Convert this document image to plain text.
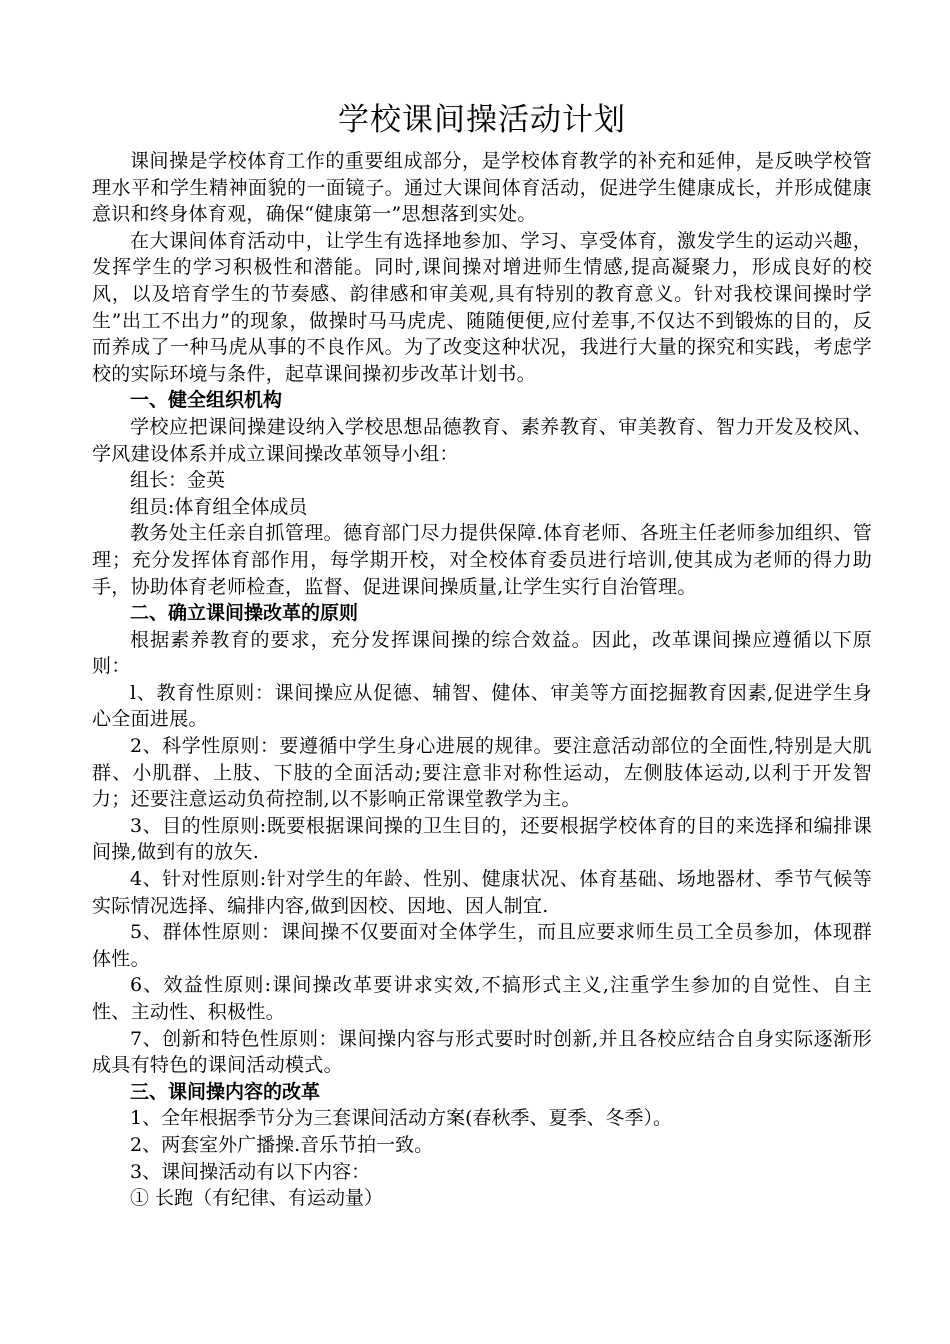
学校课间操活动计划

课间操是学校体育工作的重要组成部分，是学校体育教学的补充和延伸，是反映学校管理水平和学生精神面貌的一面镜子。通过大课间体育活动，促进学生健康成长，并形成健康意识和终身体育观，确保“健康第一”思想落到实处。

在大课间体育活动中，让学生有选择地参加、学习、享受体育，激发学生的运动兴趣，发挥学生的学习积极性和潜能。同时,课间操对增进师生情感,提高凝聚力，形成良好的校风，以及培育学生的节奏感、韵律感和审美观,具有特别的教育意义。针对我校课间操时学生”出工不出力”的现象，做操时马马虎虎、随随便便,应付差事,不仅达不到锻炼的目的，反而养成了一种马虎从事的不良作风。为了改变这种状况，我进行大量的探究和实践，考虑学校的实际环境与条件，起草课间操初步改革计划书。

一、健全组织机构

学校应把课间操建设纳入学校思想品德教育、素养教育、审美教育、智力开发及校风、学风建设体系并成立课间操改革领导小组：

组长：金英

组员:体育组全体成员

教务处主任亲自抓管理。德育部门尽力提供保障.体育老师、各班主任老师参加组织、管理；充分发挥体育部作用，每学期开校，对全校体育委员进行培训,使其成为老师的得力助手，协助体育老师检查，监督、促进课间操质量,让学生实行自治管理。

二、确立课间操改革的原则

根据素养教育的要求，充分发挥课间操的综合效益。因此，改革课间操应遵循以下原则：

l、教育性原则：课间操应从促德、辅智、健体、审美等方面挖掘教育因素,促进学生身心全面进展。

2、科学性原则：要遵循中学生身心进展的规律。要注意活动部位的全面性,特别是大肌群、小肌群、上肢、下肢的全面活动;要注意非对称性运动，左侧肢体运动,以利于开发智力；还要注意运动负荷控制,以不影响正常课堂教学为主。

3、目的性原则:既要根据课间操的卫生目的，还要根据学校体育的目的来选择和编排课间操,做到有的放矢.

4、针对性原则:针对学生的年龄、性别、健康状况、体育基础、场地器材、季节气候等实际情况选择、编排内容,做到因校、因地、因人制宜.

5、群体性原则：课间操不仅要面对全体学生，而且应要求师生员工全员参加，体现群体性。

6、效益性原则:课间操改革要讲求实效,不搞形式主义,注重学生参加的自觉性、自主性、主动性、积极性。

7、创新和特色性原则：课间操内容与形式要时时创新,并且各校应结合自身实际逐渐形成具有特色的课间活动模式。

三、课间操内容的改革

1、全年根据季节分为三套课间活动方案(春秋季、夏季、冬季）。

2、两套室外广播操.音乐节拍一致。

3、课间操活动有以下内容：

① 长跑（有纪律、有运动量）
